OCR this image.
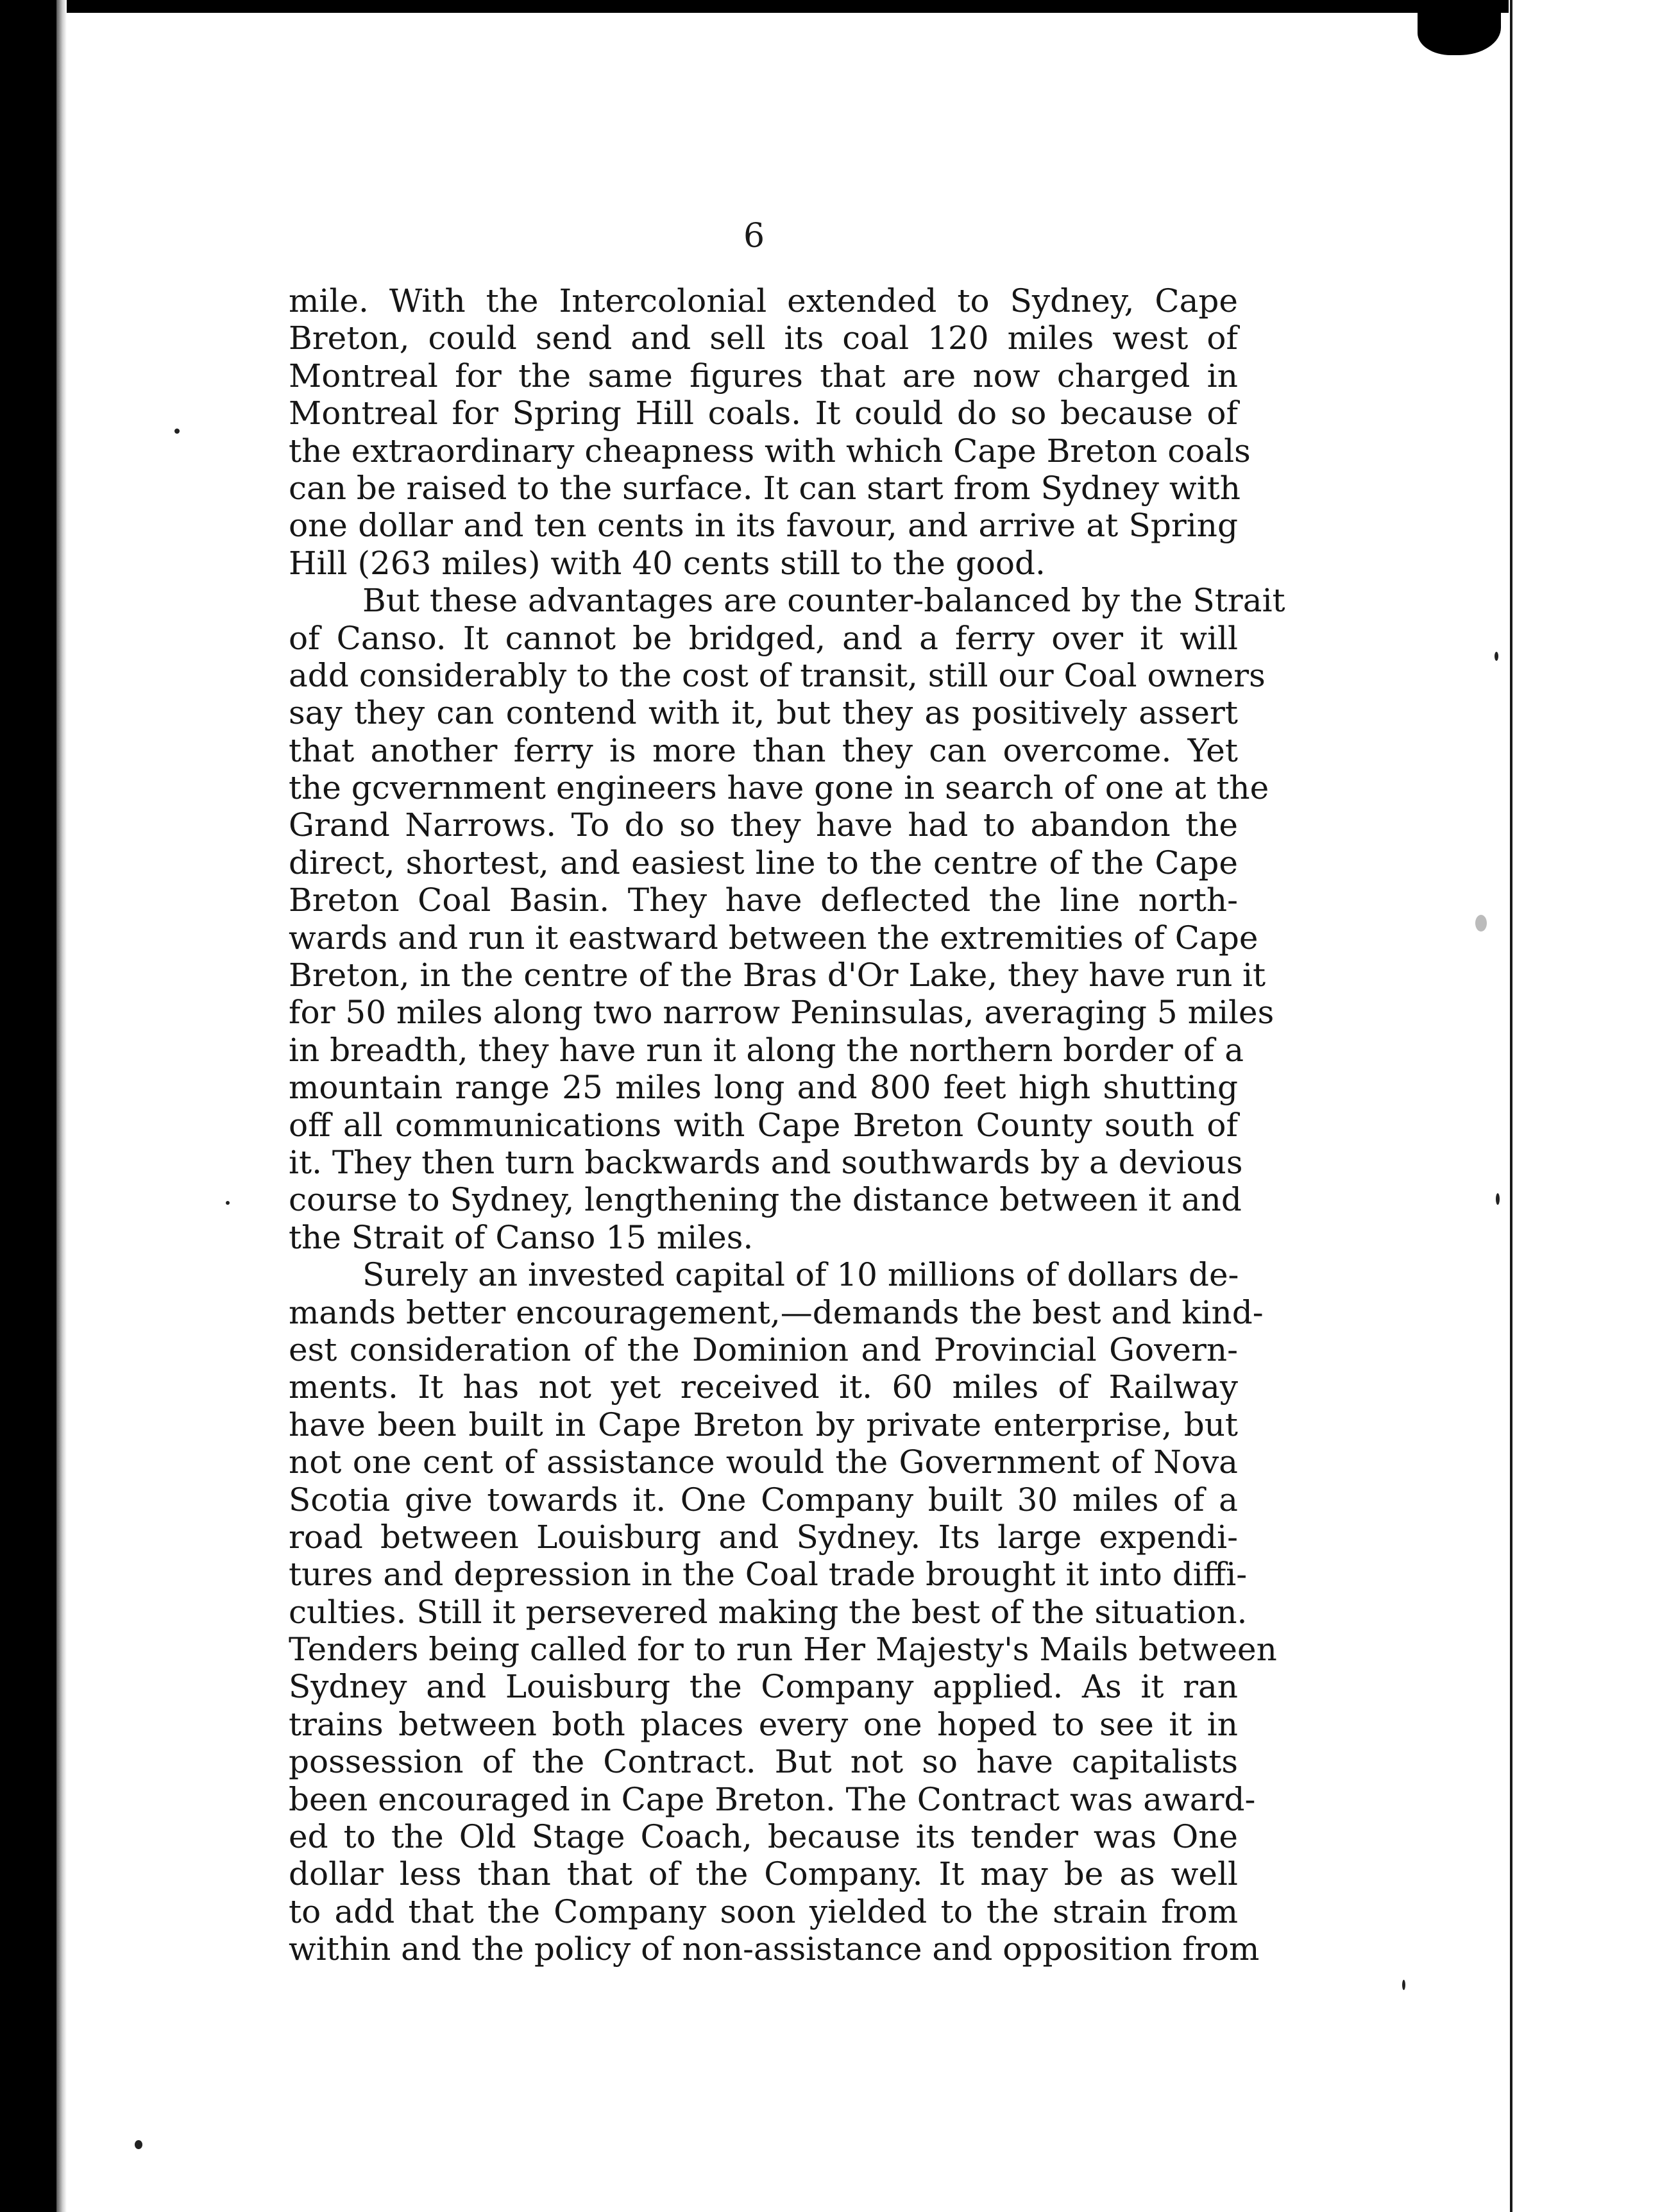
6
mile. With the Intercolonial extended to Sydney, Cape
Breton, could send and sell its coal 120 miles west of
Montreal for the same figures that are now charged in
Montreal for Spring Hill coals. It could do so because of
the extraordinary cheapness with which Cape Breton coals
can be raised to the surface. It can start from Sydney with
one dollar and ten cents in its favour, and arrive at Spring
Hill (263 miles) with 40 cents still to the good.
But these advantages are counter-balanced by the Strait
of Canso. It cannot be bridged, and a ferry over it will
add considerably to the cost of transit, still our Coal owners
say they can contend with it, but they as positively assert
that another ferry is more than they can overcome. Yet
the gcvernment engineers have gone in search of one at the
Grand Narrows. To do so they have had to abandon the
direct, shortest, and easiest line to the centre of the Cape
Breton Coal Basin. They have deflected the line north-
wards and run it eastward between the extremities of Cape
Breton, in the centre of the Bras d'Or Lake, they have run it
for 50 miles along two narrow Peninsulas, averaging 5 miles
in breadth, they have run it along the northern border of a
mountain range 25 miles long and 800 feet high shutting
off all communications with Cape Breton County south of
it. They then turn backwards and southwards by a devious
course to Sydney, lengthening the distance between it and
the Strait of Canso 15 miles.
Surely an invested capital of 10 millions of dollars de-
mands better encouragement,—demands the best and kind-
est consideration of the Dominion and Provincial Govern-
ments. It has not yet received it. 60 miles of Railway
have been built in Cape Breton by private enterprise, but
not one cent of assistance would the Government of Nova
Scotia give towards it. One Company built 30 miles of a
road between Louisburg and Sydney. Its large expendi-
tures and depression in the Coal trade brought it into diffi-
culties. Still it persevered making the best of the situation.
Tenders being called for to run Her Majesty's Mails between
Sydney and Louisburg the Company applied. As it ran
trains between both places every one hoped to see it in
possession of the Contract. But not so have capitalists
been encouraged in Cape Breton. The Contract was award-
ed to the Old Stage Coach, because its tender was One
dollar less than that of the Company. It may be as well
to add that the Company soon yielded to the strain from
within and the policy of non-assistance and opposition from
